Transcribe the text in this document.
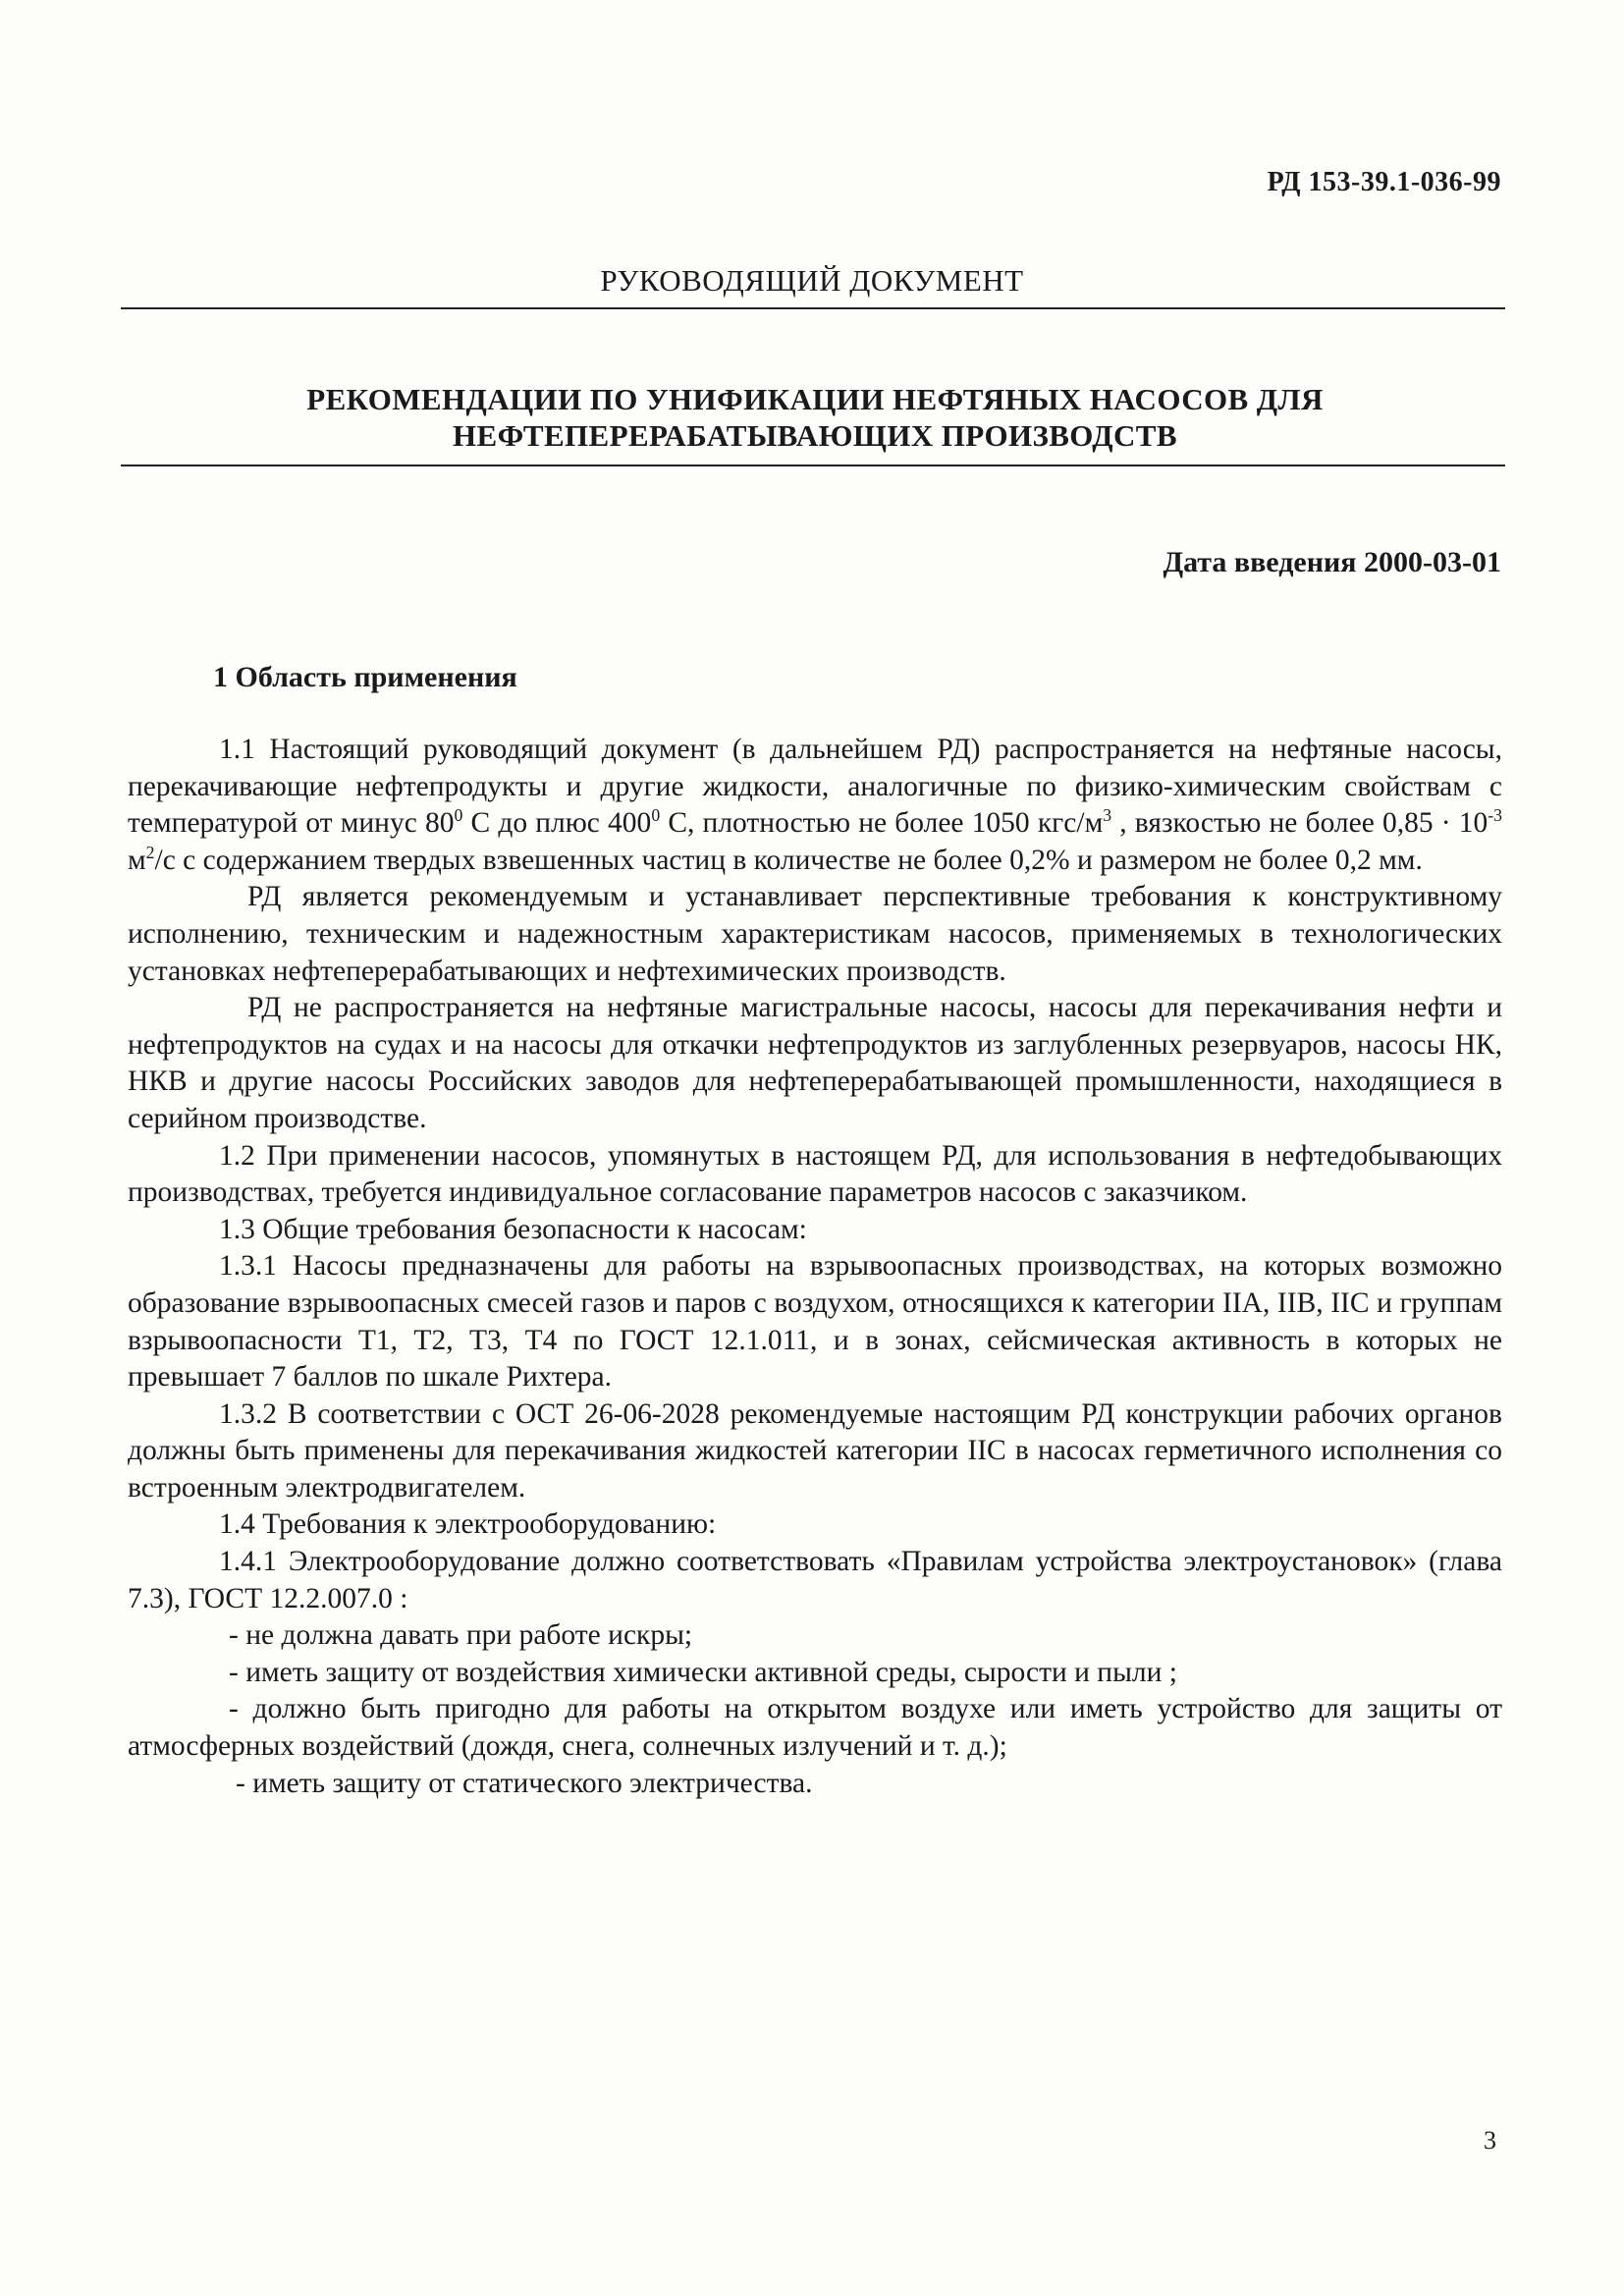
РД 153-39.1-036-99
РУКОВОДЯЩИЙ ДОКУМЕНТ
РЕКОМЕНДАЦИИ ПО УНИФИКАЦИИ НЕФТЯНЫХ НАСОСОВ ДЛЯ
НЕФТЕПЕРЕРАБАТЫВАЮЩИХ ПРОИЗВОДСТВ
Дата введения 2000-03-01
1 Область применения

1.1 Настоящий руководящий документ (в дальнейшем РД) распространяется на нефтяные насосы, перекачивающие нефтепродукты и другие жидкости, аналогичные по физико-химическим свойствам с температурой от минус $80^0$ С до плюс $400^0$ С, плотностью не более 1050 кгс/$м^3$ , вязкостью не более $0,85 \cdot 10^{-3}$ $м^2/с$ с содержанием твердых взвешенных частиц в количестве не более 0,2% и размером не более 0,2 мм.

РД является рекомендуемым и устанавливает перспективные требования к конструктивному исполнению, техническим и надежностным характеристикам насосов, применяемых в технологических установках нефтеперерабатывающих и нефтехимических производств.

РД не распространяется на нефтяные магистральные насосы, насосы для перекачивания нефти и нефтепродуктов на судах и на насосы для откачки нефтепродуктов из заглубленных резервуаров, насосы НК, НКВ и другие насосы Российских заводов для нефтеперерабатывающей промышленности, находящиеся в серийном производстве.

1.2 При применении насосов, упомянутых в настоящем РД, для использования в нефтедобывающих производствах, требуется индивидуальное согласование параметров насосов с заказчиком.

1.3 Общие требования безопасности к насосам:

1.3.1 Насосы предназначены для работы на взрывоопасных производствах, на которых возможно образование взрывоопасных смесей газов и паров с воздухом, относящихся к категории IIA, IIB, IIC и группам взрывоопасности Т1, Т2, Т3, Т4 по ГОСТ 12.1.011, и в зонах, сейсмическая активность в которых не превышает 7 баллов по шкале Рихтера.

1.3.2 В соответствии с ОСТ 26-06-2028 рекомендуемые настоящим РД конструкции рабочих органов должны быть применены для перекачивания жидкостей категории IIC в насосах герметичного исполнения со встроенным электродвигателем.

1.4 Требования к электрооборудованию:

1.4.1 Электрооборудование должно соответствовать «Правилам устройства электроустановок» (глава 7.3), ГОСТ 12.2.007.0 :

- не должна давать при работе искры;

- иметь защиту от воздействия химически активной среды, сырости и пыли ;

- должно быть пригодно для работы на открытом воздухе или иметь устройство для защиты от атмосферных воздействий (дождя, снега, солнечных излучений и т. д.);

- иметь защиту от статического электричества.

3
